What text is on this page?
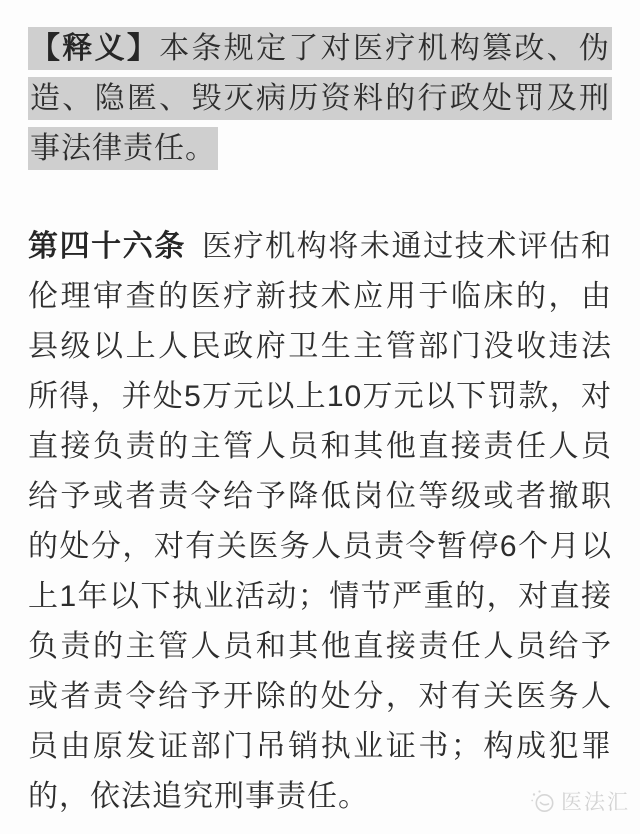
【释义】本条规定了对医疗机构篡改、伪造、隐匿、毁灭病历资料的行政处罚及刑事法律责任。

第四十六条 医疗机构将未通过技术评估和伦理审查的医疗新技术应用于临床的，由县级以上人民政府卫生主管部门没收违法所得，并处5万元以上10万元以下罚款，对直接负责的主管人员和其他直接责任人员给予或者责令给予降低岗位等级或者撤职的处分，对有关医务人员责令暂停6个月以上1年以下执业活动；情节严重的，对直接负责的主管人员和其他直接责任人员给予或者责令给予开除的处分，对有关医务人员由原发证部门吊销执业证书；构成犯罪的，依法追究刑事责任。	医法汇
